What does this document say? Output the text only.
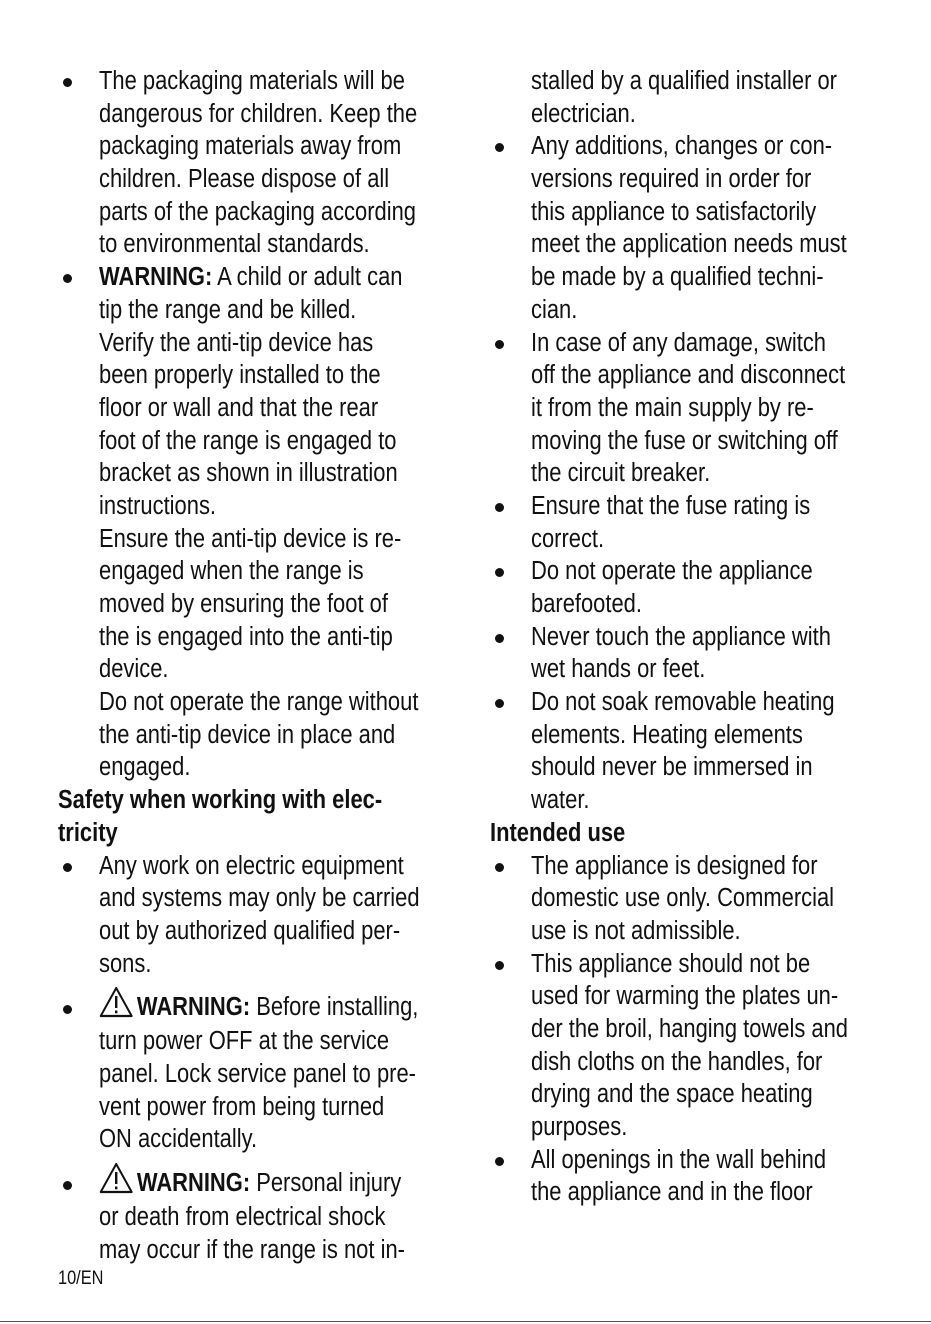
The packaging materials will be
dangerous for children. Keep the
packaging materials away from
children. Please dispose of all
parts of the packaging according
to environmental standards.
WARNING: A child or adult can
tip the range and be killed.
Verify the anti-tip device has
been properly installed to the
floor or wall and that the rear
foot of the range is engaged to
bracket as shown in illustration
instructions.
Ensure the anti-tip device is re-
engaged when the range is
moved by ensuring the foot of
the is engaged into the anti-tip
device.
Do not operate the range without
the anti-tip device in place and
engaged.
Safety when working with elec-
tricity
Any work on electric equipment
and systems may only be carried
out by authorized qualified per-
sons.
WARNING: Before installing,
turn power OFF at the service
panel. Lock service panel to pre-
vent power from being turned
ON accidentally.
WARNING: Personal injury
or death from electrical shock
may occur if the range is not in-
stalled by a qualified installer or
electrician.
Any additions, changes or con-
versions required in order for
this appliance to satisfactorily
meet the application needs must
be made by a qualified techni-
cian.
In case of any damage, switch
off the appliance and disconnect
it from the main supply by re-
moving the fuse or switching off
the circuit breaker.
Ensure that the fuse rating is
correct.
Do not operate the appliance
barefooted.
Never touch the appliance with
wet hands or feet.
Do not soak removable heating
elements. Heating elements
should never be immersed in
water.
Intended use
The appliance is designed for
domestic use only. Commercial
use is not admissible.
This appliance should not be
used for warming the plates un-
der the broil, hanging towels and
dish cloths on the handles, for
drying and the space heating
purposes.
All openings in the wall behind
the appliance and in the floor
10/EN
